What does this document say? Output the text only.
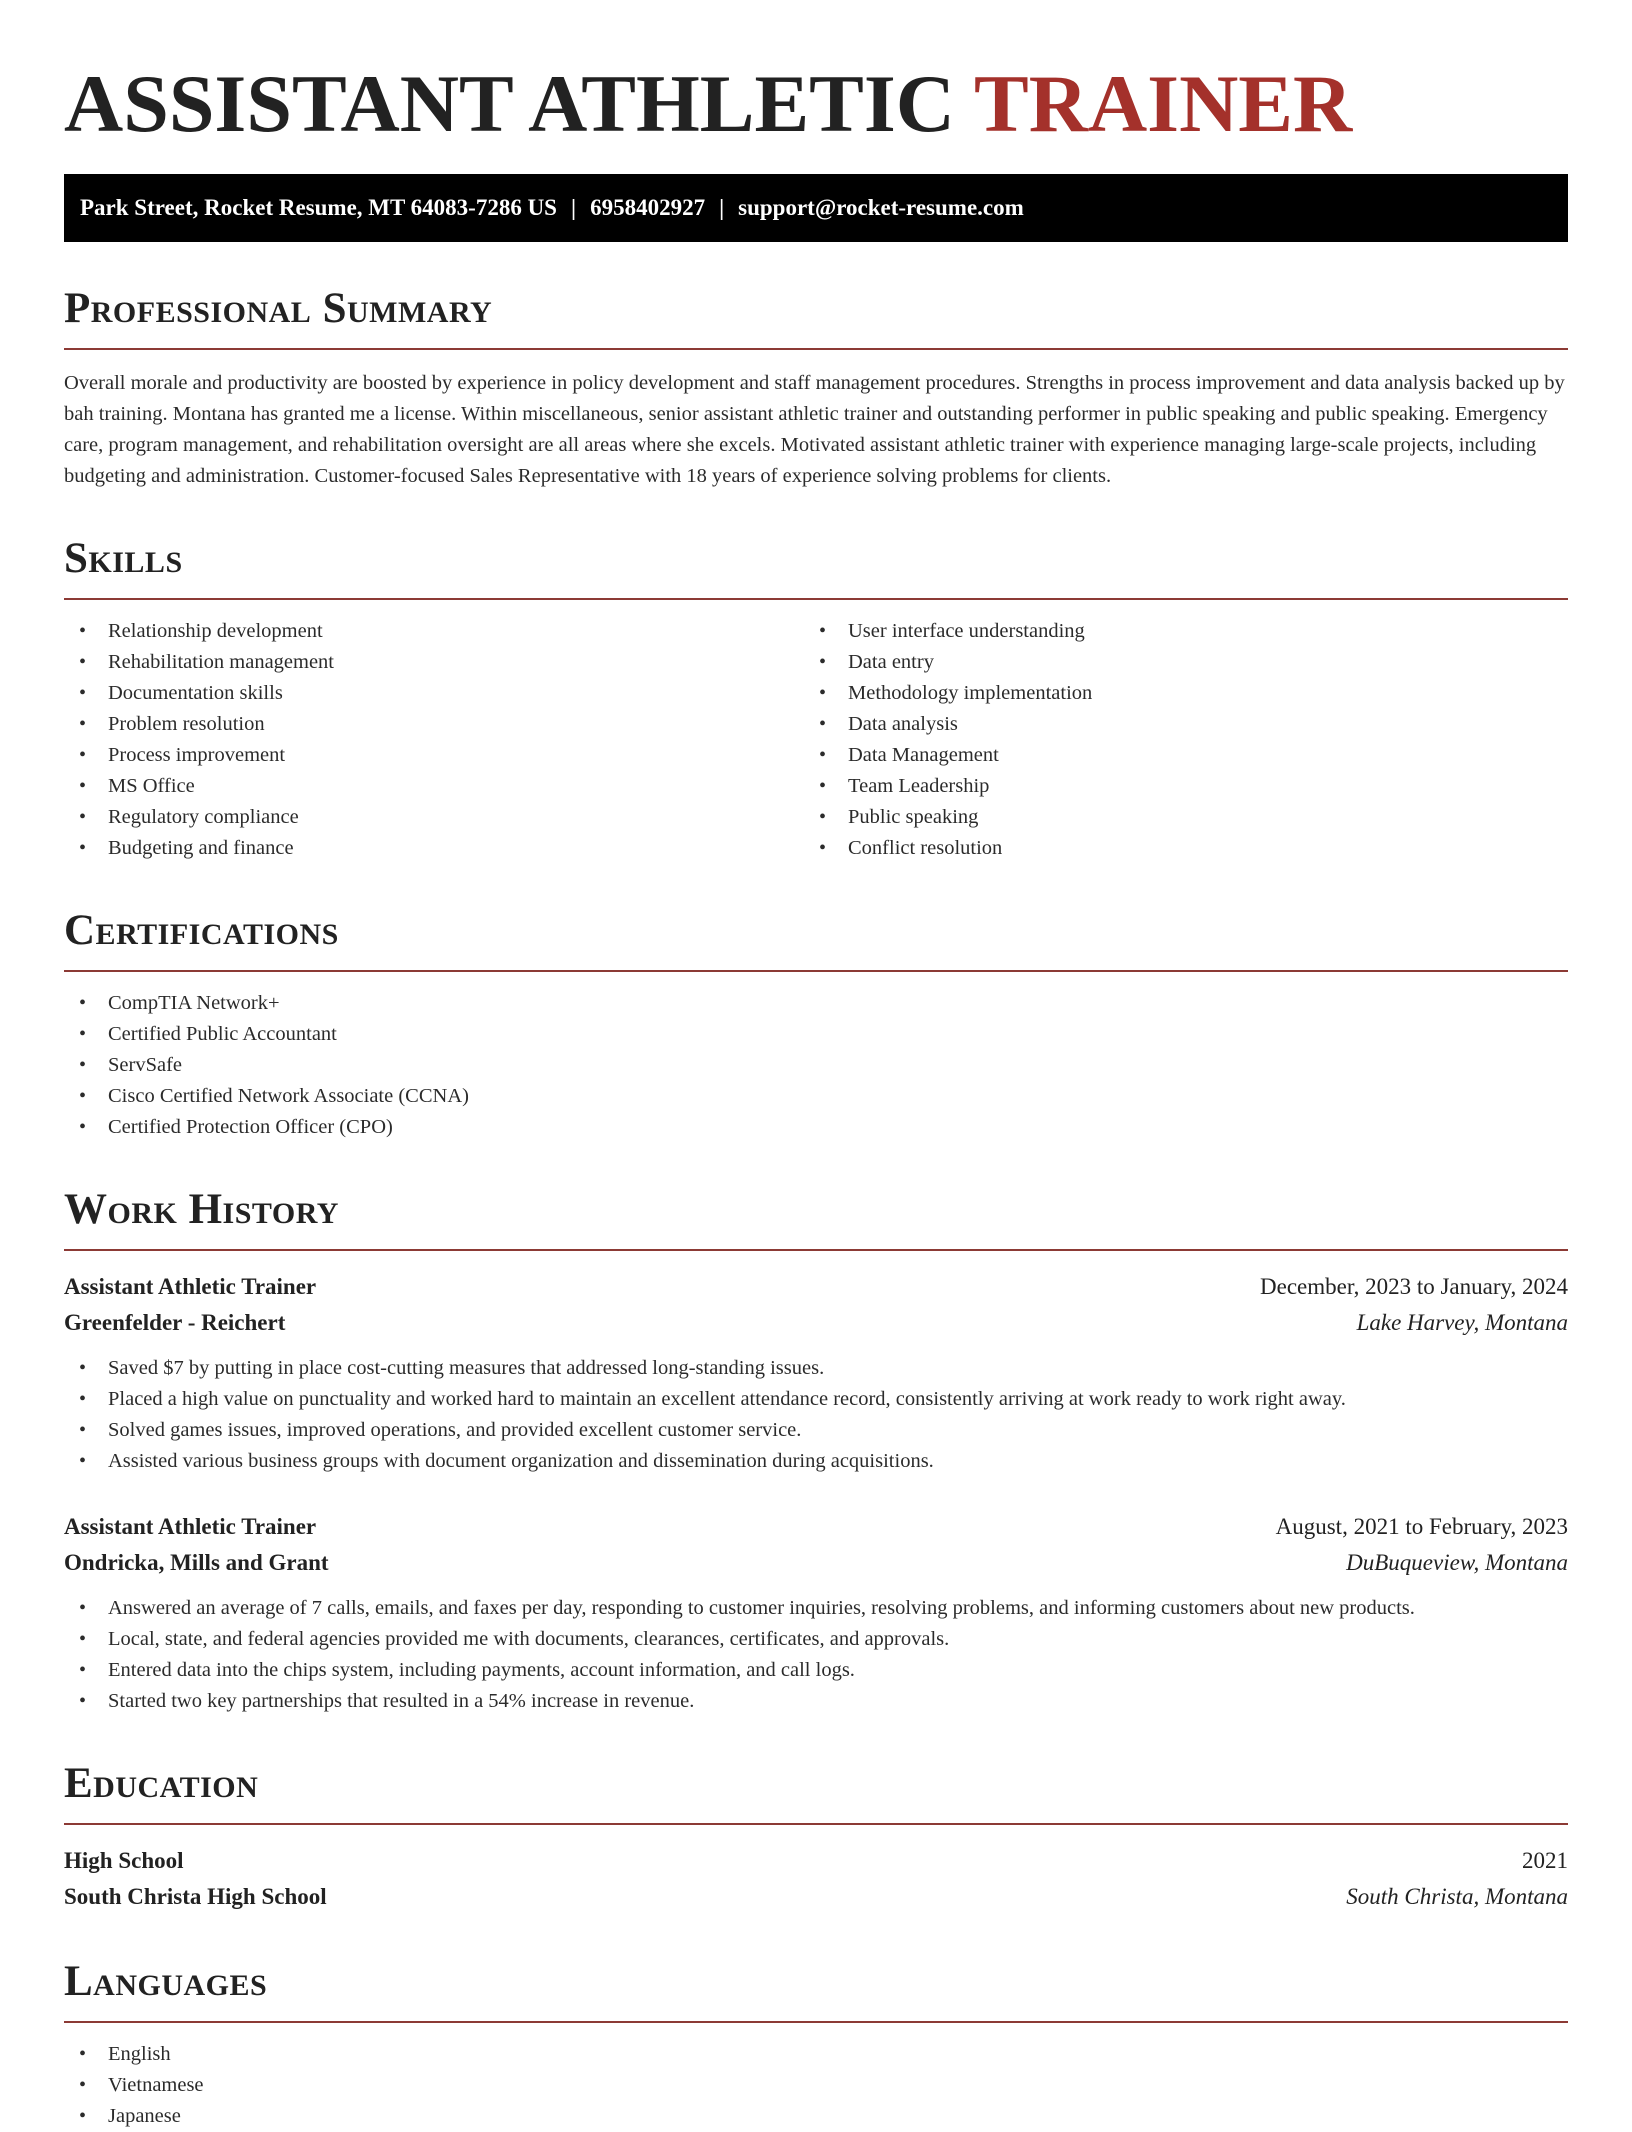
ASSISTANT ATHLETIC TRAINER
Park Street, Rocket Resume, MT 64083-7286 US | 6958402927 | support@rocket-resume.com
Professional Summary

Overall morale and productivity are boosted by experience in policy development and staff management procedures. Strengths in process improvement and data analysis backed up by bah training. Montana has granted me a license. Within miscellaneous, senior assistant athletic trainer and outstanding performer in public speaking and public speaking. Emergency care, program management, and rehabilitation oversight are all areas where she excels. Motivated assistant athletic trainer with experience managing large-scale projects, including budgeting and administration. Customer-focused Sales Representative with 18 years of experience solving problems for clients.

Skills
• Relationship development
• Rehabilitation management
• Documentation skills
• Problem resolution
• Process improvement
• MS Office
• Regulatory compliance
• Budgeting and finance
• User interface understanding
• Data entry
• Methodology implementation
• Data analysis
• Data Management
• Team Leadership
• Public speaking
• Conflict resolution
Certifications
• CompTIA Network+
• Certified Public Accountant
• ServSafe
• Cisco Certified Network Associate (CCNA)
• Certified Protection Officer (CPO)
Work History
Assistant Athletic Trainer	December, 2023 to January, 2024
Greenfelder - Reichert	Lake Harvey, Montana
• Saved $7 by putting in place cost-cutting measures that addressed long-standing issues.
• Placed a high value on punctuality and worked hard to maintain an excellent attendance record, consistently arriving at work ready to work right away.
• Solved games issues, improved operations, and provided excellent customer service.
• Assisted various business groups with document organization and dissemination during acquisitions.
Assistant Athletic Trainer	August, 2021 to February, 2023
Ondricka, Mills and Grant	DuBuqueview, Montana
• Answered an average of 7 calls, emails, and faxes per day, responding to customer inquiries, resolving problems, and informing customers about new products.
• Local, state, and federal agencies provided me with documents, clearances, certificates, and approvals.
• Entered data into the chips system, including payments, account information, and call logs.
• Started two key partnerships that resulted in a 54% increase in revenue.
Education
High School	2021
South Christa High School	South Christa, Montana
Languages
• English
• Vietnamese
• Japanese
